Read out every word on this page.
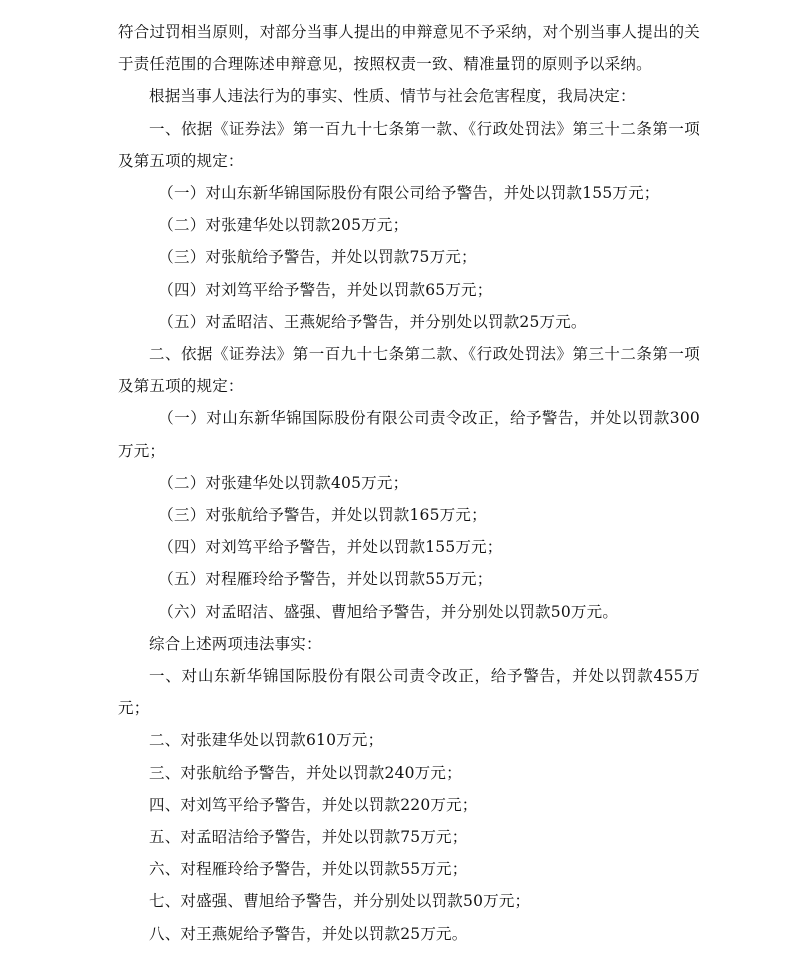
符合过罚相当原则，对部分当事人提出的申辩意见不予采纳，对个别当事人提出的关于责任范围的合理陈述申辩意见，按照权责一致、精准量罚的原则予以采纳。

根据当事人违法行为的事实、性质、情节与社会危害程度，我局决定：

一、依据《证券法》第一百九十七条第一款、《行政处罚法》第三十二条第一项及第五项的规定：

（一）对山东新华锦国际股份有限公司给予警告，并处以罚款155万元；

（二）对张建华处以罚款205万元；

（三）对张航给予警告，并处以罚款75万元；

（四）对刘笃平给予警告，并处以罚款65万元；

（五）对孟昭洁、王燕妮给予警告，并分别处以罚款25万元。

二、依据《证券法》第一百九十七条第二款、《行政处罚法》第三十二条第一项及第五项的规定：

（一）对山东新华锦国际股份有限公司责令改正，给予警告，并处以罚款300万元；

（二）对张建华处以罚款405万元；

（三）对张航给予警告，并处以罚款165万元；

（四）对刘笃平给予警告，并处以罚款155万元；

（五）对程雁玲给予警告，并处以罚款55万元；

（六）对孟昭洁、盛强、曹旭给予警告，并分别处以罚款50万元。

综合上述两项违法事实：

一、对山东新华锦国际股份有限公司责令改正，给予警告，并处以罚款455万元；

二、对张建华处以罚款610万元；

三、对张航给予警告，并处以罚款240万元；

四、对刘笃平给予警告，并处以罚款220万元；

五、对孟昭洁给予警告，并处以罚款75万元；

六、对程雁玲给予警告，并处以罚款55万元；

七、对盛强、曹旭给予警告，并分别处以罚款50万元；

八、对王燕妮给予警告，并处以罚款25万元。
